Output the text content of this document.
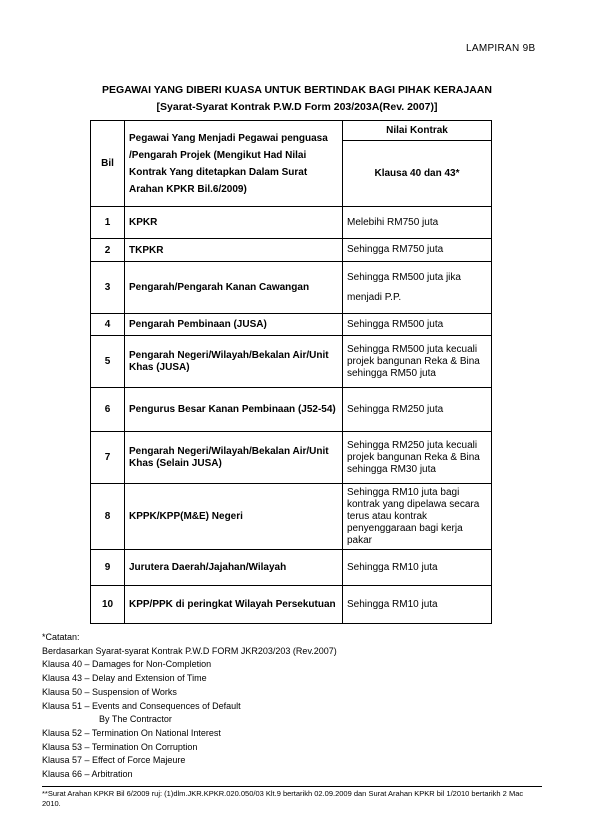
LAMPIRAN 9B
PEGAWAI YANG DIBERI KUASA UNTUK BERTINDAK BAGI PIHAK KERAJAAN
[Syarat-Syarat Kontrak P.W.D Form 203/203A(Rev. 2007)]
Bil	Pegawai Yang Menjadi Pegawai penguasa /Pengarah Projek (Mengikut Had Nilai Kontrak Yang ditetapkan Dalam Surat Arahan KPKR Bil.6/2009)	Nilai Kontrak
		Klausa 40 dan 43*
1	KPKR	Melebihi RM750 juta
2	TKPKR	Sehingga RM750 juta
3	Pengarah/Pengarah Kanan Cawangan	Sehingga RM500 juta jika menjadi P.P.
4	Pengarah Pembinaan (JUSA)	Sehingga RM500 juta
5	Pengarah Negeri/Wilayah/Bekalan Air/Unit Khas (JUSA)	Sehingga RM500 juta kecuali projek bangunan Reka & Bina sehingga RM50 juta
6	Pengurus Besar Kanan Pembinaan (J52-54)	Sehingga RM250 juta
7	Pengarah Negeri/Wilayah/Bekalan Air/Unit Khas (Selain JUSA)	Sehingga RM250 juta kecuali projek bangunan Reka & Bina sehingga RM30 juta
8	KPPK/KPP(M&E) Negeri	Sehingga RM10 juta bagi kontrak yang dipelawa secara terus atau kontrak penyenggaraan bagi kerja pakar
9	Jurutera Daerah/Jajahan/Wilayah	Sehingga RM10 juta
10	KPP/PPK di peringkat Wilayah Persekutuan	Sehingga RM10 juta
*Catatan:
Berdasarkan Syarat-syarat Kontrak P.W.D FORM JKR203/203 (Rev.2007)
Klausa 40 – Damages for Non-Completion
Klausa 43 – Delay and Extension of Time
Klausa 50 – Suspension of Works
Klausa 51 – Events and Consequences of Default
By The Contractor
Klausa 52 – Termination On National Interest
Klausa 53 – Termination On Corruption
Klausa 57 – Effect of Force Majeure
Klausa 66 – Arbitration
**Surat Arahan KPKR Bil 6/2009 ruj: (1)dlm.JKR.KPKR.020.050/03 Klt.9 bertarikh 02.09.2009 dan Surat Arahan KPKR bil 1/2010 bertarikh 2 Mac 2010.
